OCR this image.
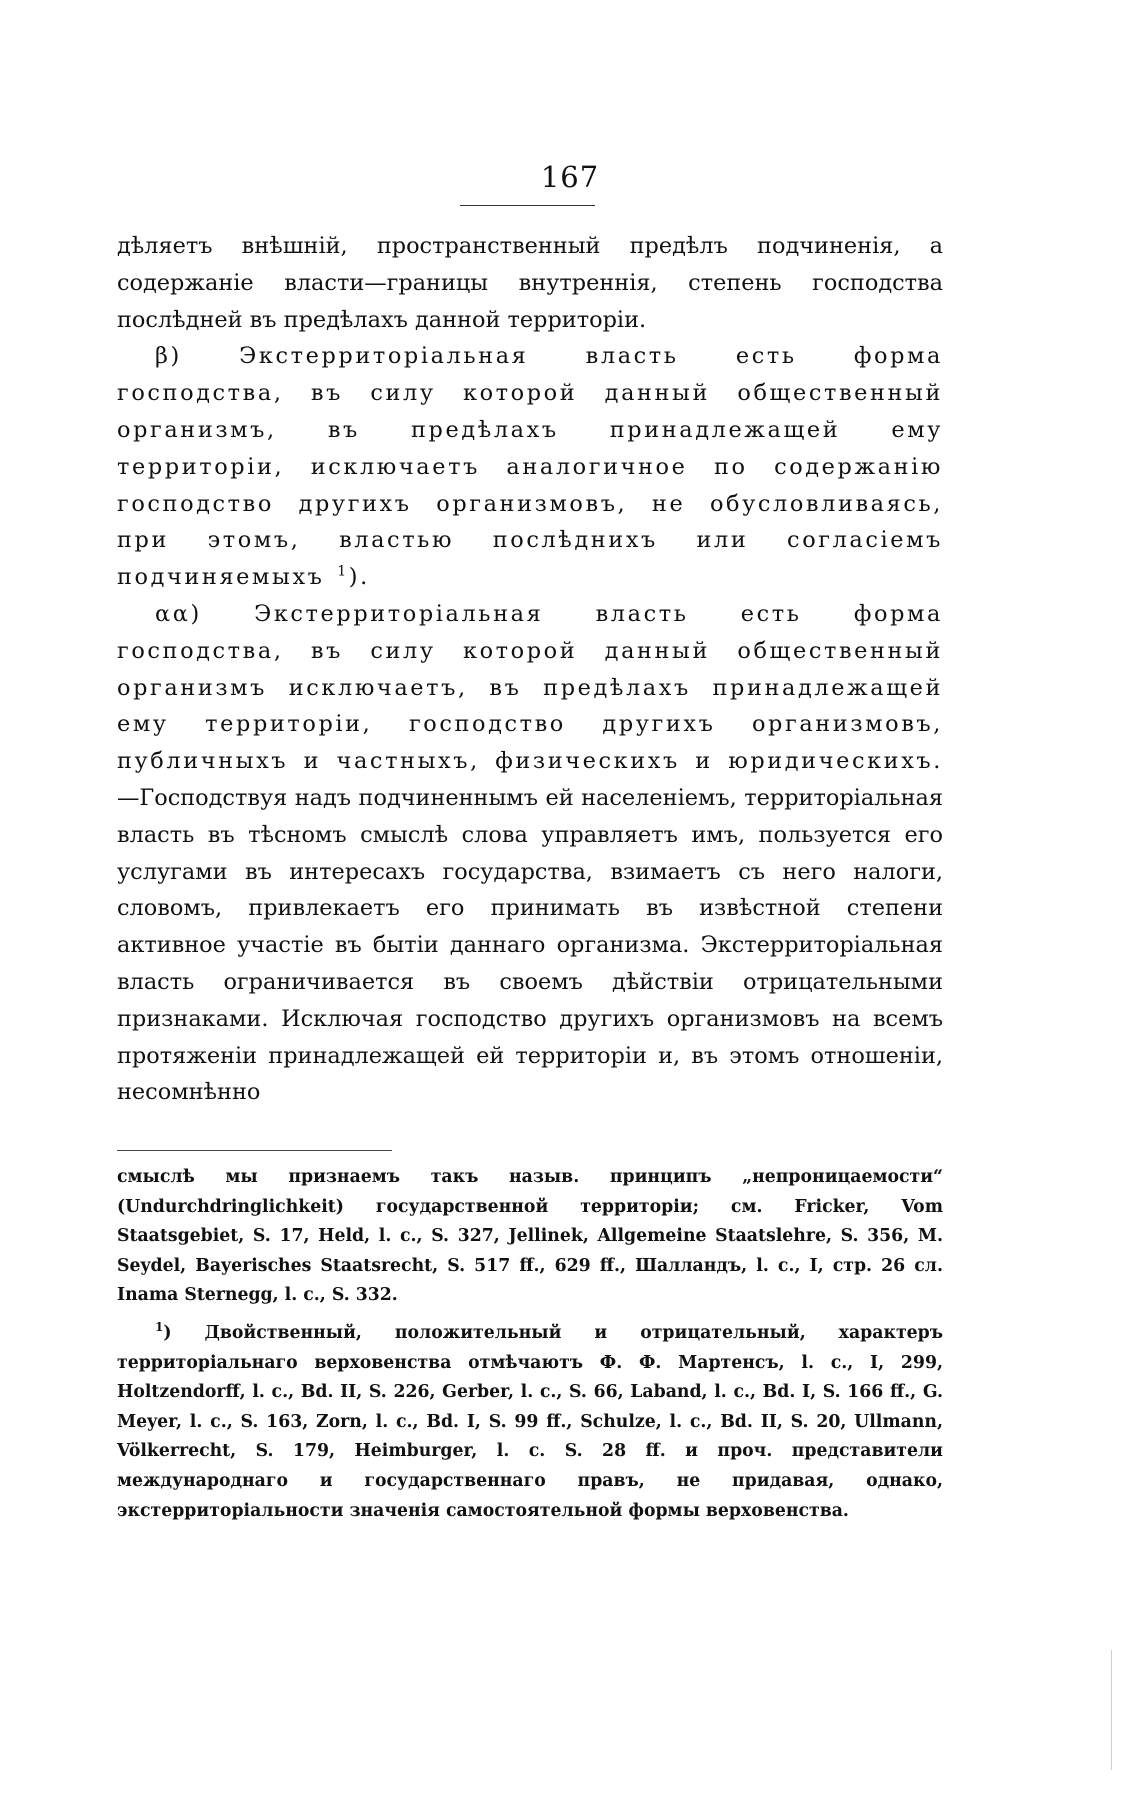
167

дѣляетъ внѣшній, пространственный предѣлъ подчиненія, а содержаніе власти—границы внутреннія, степень господства послѣдней въ предѣлахъ данной территоріи.

β) Экстерриторіальная власть есть форма господства, въ силу которой данный общественный организмъ, въ предѣлахъ принадлежащей ему территоріи, исключаетъ аналогичное по содержанію господство другихъ организмовъ, не обусловливаясь, при этомъ, властью послѣднихъ или согласіемъ подчиняемыхъ $^1$).

αα) Экстерриторіальная власть есть форма господства, въ силу которой данный общественный организмъ исключаетъ, въ предѣлахъ принадлежащей ему территоріи, господство другихъ организмовъ, публичныхъ и частныхъ, физическихъ и юридическихъ.—Господствуя надъ подчиненнымъ ей населеніемъ, территоріальная власть въ тѣсномъ смыслѣ слова управляетъ имъ, пользуется его услугами въ интересахъ государства, взимаетъ съ него налоги, словомъ, привлекаетъ его принимать въ извѣстной степени активное участіе въ бытіи даннаго организма. Экстерриторіальная власть ограничивается въ своемъ дѣйствіи отрицательными признаками. Исключая господство другихъ организмовъ на всемъ протяженіи принадлежащей ей территоріи и, въ этомъ отношеніи, несомнѣнно

смыслѣ мы признаемъ такъ назыв. принципъ „непроницаемости“ (Undurchdringlichkeit) государственной территоріи; см. Fricker, Vom Staatsgebiet, S. 17, Held, l. c., S. 327, Jellinek, Allgemeine Staatslehre, S. 356, M. Seydel, Bayerisches Staatsrecht, S. 517 ff., 629 ff., Шалландъ, l. c., I, стр. 26 сл. Inama Sternegg, l. c., S. 332.

$^1$) Двойственный, положительный и отрицательный, характеръ территоріальнаго верховенства отмѣчаютъ Ф. Ф. Мартенсъ, l. c., I, 299, Holtzendorff, l. c., Bd. II, S. 226, Gerber, l. c., S. 66, Laband, l. c., Bd. I, S. 166 ff., G. Meyer, l. c., S. 163, Zorn, l. c., Bd. I, S. 99 ff., Schulze, l. c., Bd. II, S. 20, Ullmann, Völkerrecht, S. 179, Heimburger, l. c. S. 28 ff. и проч. представители международнаго и государственнаго правъ, не придавая, однако, экстерриторіальности значенія самостоятельной формы верховенства.
